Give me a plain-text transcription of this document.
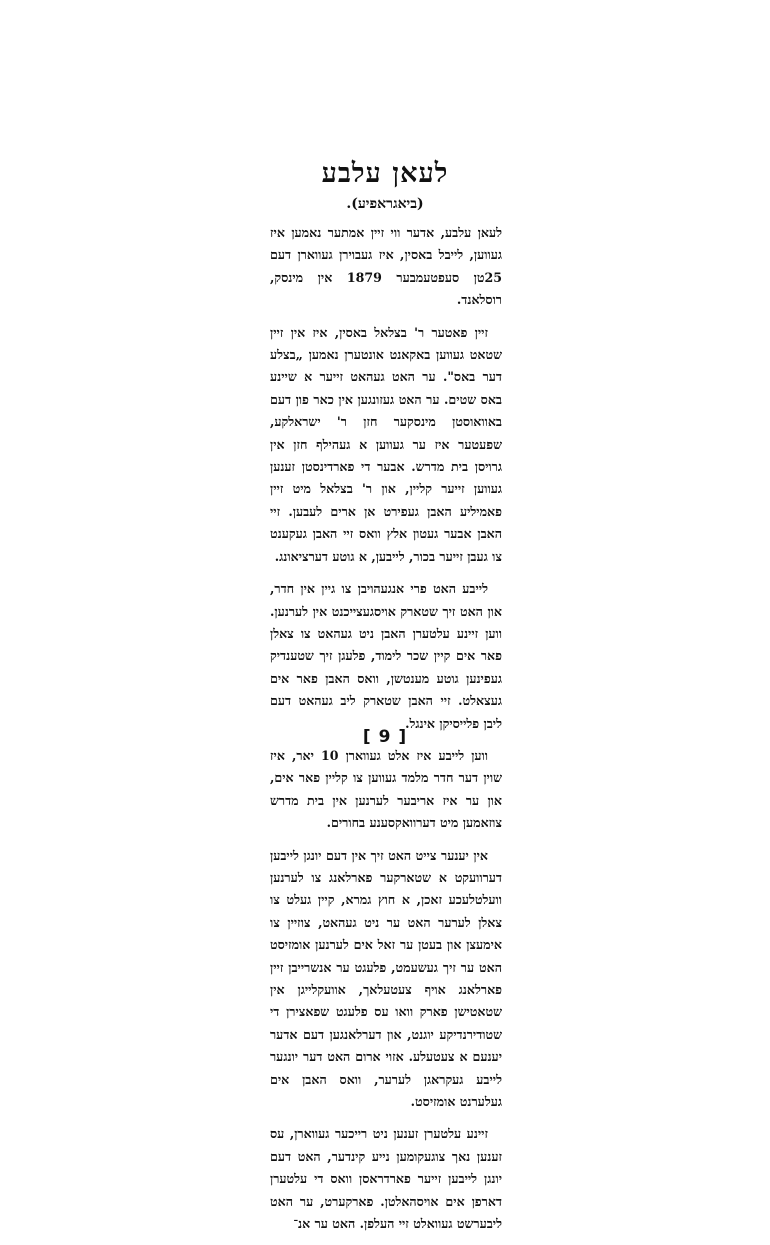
לעאן עלבע
(ביאגראפיע).

לעאן עלבע, אדער ווי זיין אמתער נאמען איז געווען, לייבל באסין, איז געבוירן געווארן דעם 25טן סעפטעמבער 1879 אין מינסק, רוסלאנד.

זיין פאטער ר' בצלאל באסין, איז אין זיין שטאט געווען באקאנט אונטערן נאמען „בצלע דער באס". ער האט געהאט זייער א שיינע באס שטים. ער האט געזונגען אין כאר פון דעם באוואוסטן מינסקער חזן ר' ישראלקע, שפעטער איז ער געווען א געהילף חזן אין גרויסן בית מדרש. אבער די פארדינסטן זענען געווען זייער קליין, און ר' בצלאל מיט זיין פאמיליע האבן געפירט אן ארים לעבען. זיי האבן אבער געטון אלץ וואס זיי האבן געקענט צו געבן זייער בכור, לייבען, א גוטע דערציאונג.

לייבע האט פרי אנגעהויבן צו גיין אין חדר, און האט זיך שטארק אויסגעצייכנט אין לערנען. ווען זיינע עלטערן האבן ניט געהאט צו צאלן פאר אים קיין שכר לימוד, פלעגן זיך שטענדיק געפינען גוטע מענטשן, וואס האבן פאר אים געצאלט. זיי האבן שטארק ליב געהאט דעם ליבן פלייסיקן אינגל.

ווען לייבע איז אלט געווארן 10 יאר, איז שוין דער חדר מלמד געווען צו קליין פאר אים, און ער איז אריבער לערנען אין בית מדרש צוזאמען מיט דערוואקסענע בחורים.

אין יענער צייט האט זיך אין דעם יונגן לייבען דערוועקט א שטארקער פארלאנג צו לערנען וועלטלעכע זאכן, א חוץ גמרא, קיין געלט צו צאלן לערער האט ער ניט געהאט, צוזיין צו אימעצן און בעטן ער זאל אים לערנען אומזיסט האט ער זיך געשעמט, פלעגט ער אנשרייבן זיין פארלאנג אויף צעטעלאך, אוועקלייגן אין שטאטישן פארק וואו עס פלעגט שפאצירן די שטודירנדיקע יוגנט, און דערלאנגען דעם אדער יענעם א צעטעלע. אזוי ארום האט דער יונגער לייבע געקראגן לערער, וואס האבן אים געלערנט אומזיסט.

זיינע עלטערן זענען ניט רייכער געווארן, עס זענען נאך צוגעקומען נייע קינדער, האט דעם יונגן לייבען זייער פארדראסן וואס די עלטערן דארפן אים אויסהאלטן. פארקערט, ער האט ליבערשט געוואלט זיי העלפן. האט ער אנ־

[ 9 ]
